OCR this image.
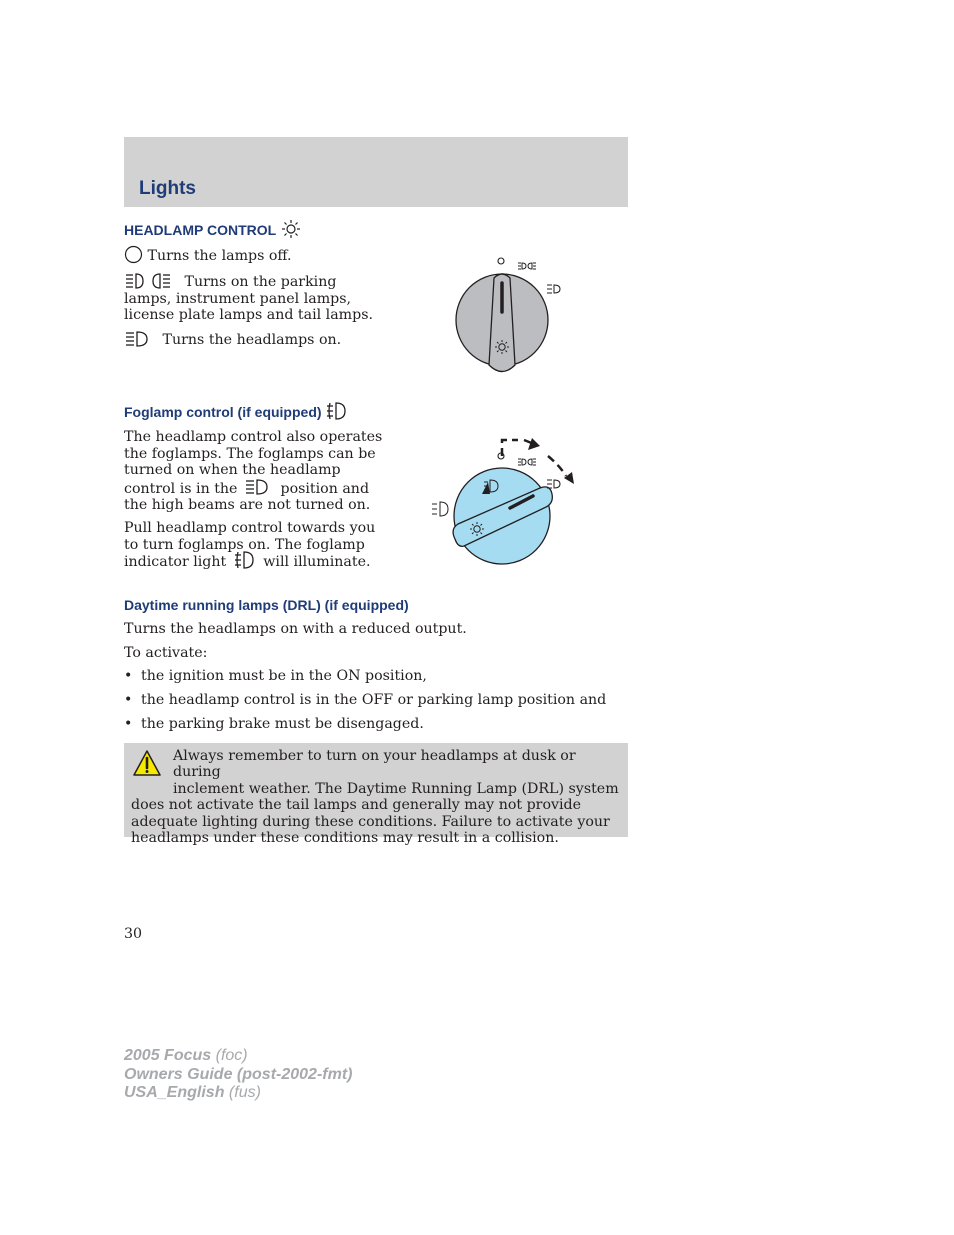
Lights
HEADLAMP CONTROL
Turns the lamps off.
Turns on the parking
lamps, instrument panel lamps,
license plate lamps and tail lamps.
Turns the headlamps on.
Foglamp control (if equipped)
The headlamp control also operates
the foglamps. The foglamps can be
turned on when the headlamp
control is in the	position and
the high beams are not turned on.
Pull headlamp control towards you
to turn foglamps on. The foglamp
indicator light	will illuminate.
Daytime running lamps (DRL) (if equipped)
Turns the headlamps on with a reduced output.
To activate:
• the ignition must be in the ON position,
• the headlamp control is in the OFF or parking lamp position and
• the parking brake must be disengaged.
Always remember to turn on your headlamps at dusk or during
inclement weather. The Daytime Running Lamp (DRL) system
does not activate the tail lamps and generally may not provide adequate lighting during these conditions. Failure to activate your headlamps under these conditions may result in a collision.
30
2005 Focus (foc)
Owners Guide (post-2002-fmt)
USA_English (fus)
